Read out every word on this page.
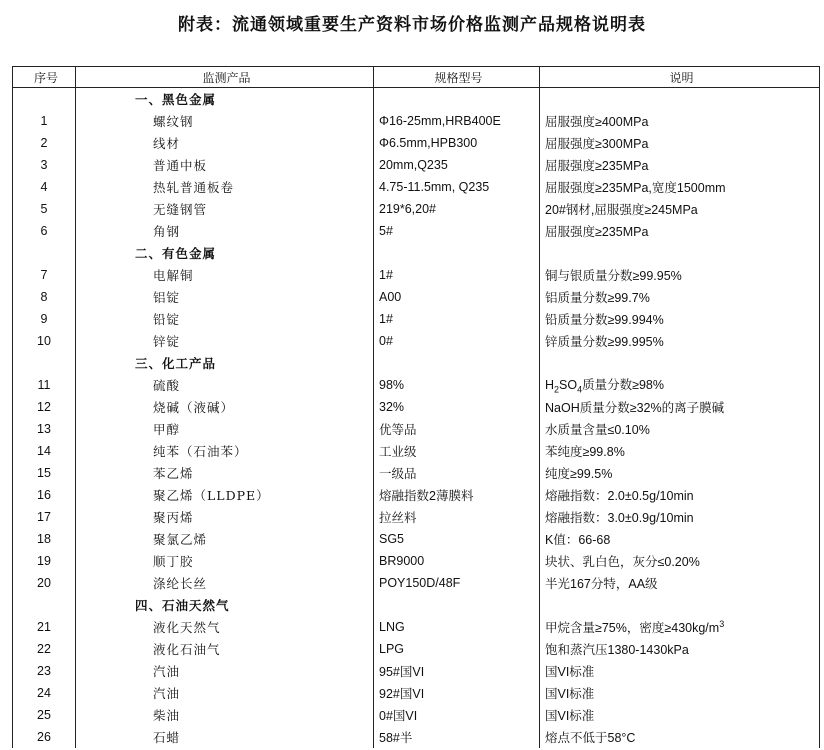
附表：流通领域重要生产资料市场价格监测产品规格说明表
序号	监测产品	规格型号	说明
	一、黑色金属		
1	螺纹钢	Φ16-25mm,HRB400E	屈服强度≥400MPa
2	线材	Φ6.5mm,HPB300	屈服强度≥300MPa
3	普通中板	20mm,Q235	屈服强度≥235MPa
4	热轧普通板卷	4.75-11.5mm, Q235	屈服强度≥235MPa,宽度1500mm
5	无缝钢管	219*6,20#	20#钢材,屈服强度≥245MPa
6	角钢	5#	屈服强度≥235MPa
	二、有色金属		
7	电解铜	1#	铜与银质量分数≥99.95%
8	铝锭	A00	铝质量分数≥99.7%
9	铅锭	1#	铅质量分数≥99.994%
10	锌锭	0#	锌质量分数≥99.995%
	三、化工产品		
11	硫酸	98%	$H_2SO_4$质量分数≥98%
12	烧碱（液碱）	32%	NaOH质量分数≥32%的离子膜碱
13	甲醇	优等品	水质量含量≤0.10%
14	纯苯（石油苯）	工业级	苯纯度≥99.8%
15	苯乙烯	一级品	纯度≥99.5%
16	聚乙烯（LLDPE）	熔融指数2薄膜料	熔融指数：2.0±0.5g/10min
17	聚丙烯	拉丝料	熔融指数：3.0±0.9g/10min
18	聚氯乙烯	SG5	K值：66-68
19	顺丁胶	BR9000	块状、乳白色，灰分≤0.20%
20	涤纶长丝	POY150D/48F	半光167分特，AA级
	四、石油天然气		
21	液化天然气	LNG	甲烷含量≥75%，密度$\ge 430kg/m^3$
22	液化石油气	LPG	饱和蒸汽压1380-1430kPa
23	汽油	95#国VI	国VI标准
24	汽油	92#国VI	国VI标准
25	柴油	0#国VI	国VI标准
26	石蜡	58#半	熔点不低于58°C
